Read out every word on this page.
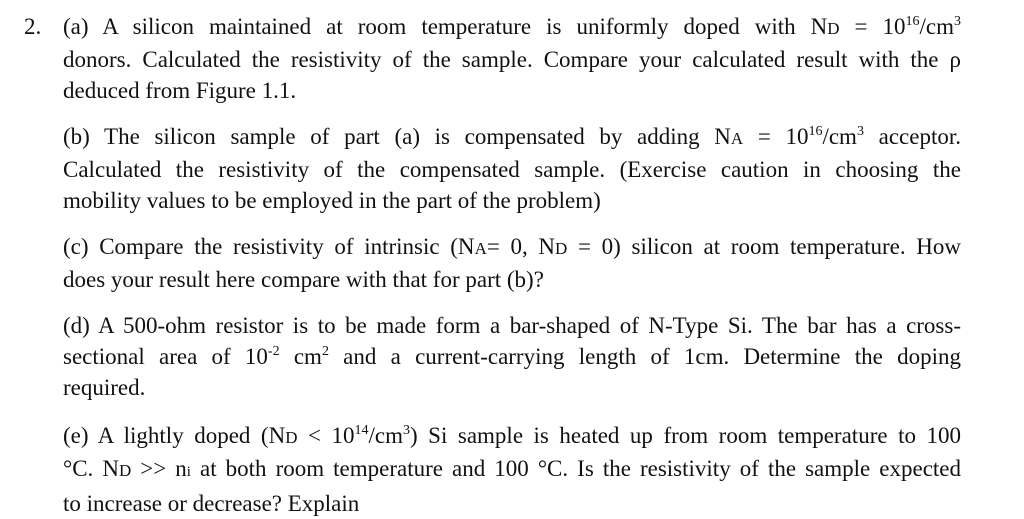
2. (a) A silicon maintained at room temperature is uniformly doped with ND = $10^{16}/cm^3$
donors. Calculated the resistivity of the sample. Compare your calculated result with the ρ
deduced from Figure 1.1.
(b) The silicon sample of part (a) is compensated by adding NA = $10^{16}/cm^3$ acceptor.
Calculated the resistivity of the compensated sample. (Exercise caution in choosing the
mobility values to be employed in the part of the problem)
(c) Compare the resistivity of intrinsic (NA= 0, ND = 0) silicon at room temperature. How
does your result here compare with that for part (b)?
(d) A 500-ohm resistor is to be made form a bar-shaped of N-Type Si. The bar has a cross-
sectional area of $10^{-2}$ $cm^2$ and a current-carrying length of 1cm. Determine the doping
required.
(e) A lightly doped $(ND < 10^{14}/cm^3)$ Si sample is heated up from room temperature to 100
°C. ND >> ni at both room temperature and 100 °C. Is the resistivity of the sample expected
to increase or decrease? Explain
